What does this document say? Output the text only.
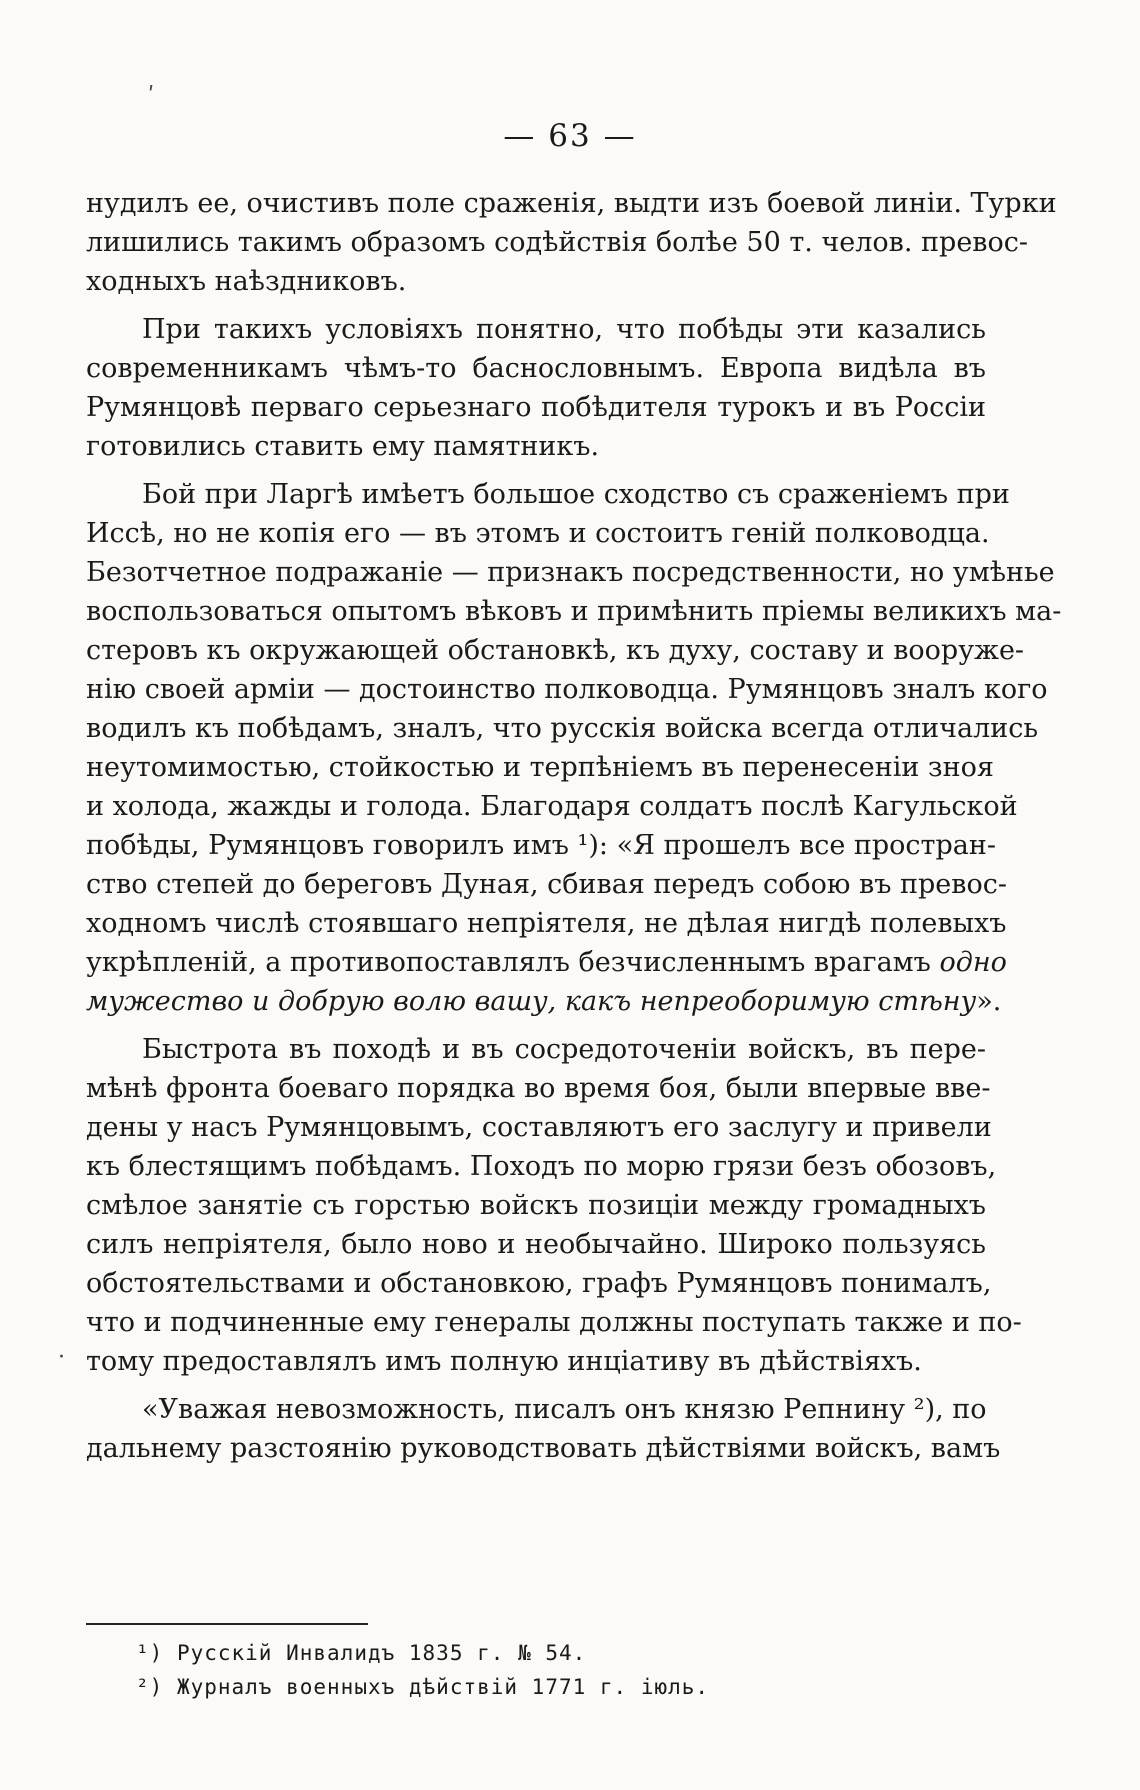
ʹ
— 63 —
нудилъ ее, очистивъ поле сраженія, выдти изъ боевой линіи. Турки
лишились такимъ образомъ содѣйствія болѣе 50 т. челов. превос-
ходныхъ наѣздниковъ.
При такихъ условіяхъ понятно, что побѣды эти казались
современникамъ чѣмъ-то баснословнымъ. Европа видѣла въ
Румянцовѣ перваго серьезнаго побѣдителя турокъ и въ Россіи
готовились ставить ему памятникъ.
Бой при Ларгѣ имѣетъ большое сходство съ сраженіемъ при
Иссѣ, но не копія его — въ этомъ и состоитъ геній полководца.
Безотчетное подражаніе — признакъ посредственности, но умѣнье
воспользоваться опытомъ вѣковъ и примѣнить пріемы великихъ ма-
стеровъ къ окружающей обстановкѣ, къ духу, составу и вооруже-
нію своей арміи — достоинство полководца. Румянцовъ зналъ кого
водилъ къ побѣдамъ, зналъ, что русскія войска всегда отличались
неутомимостью, стойкостью и терпѣніемъ въ перенесеніи зноя
и холода, жажды и голода. Благодаря солдатъ послѣ Кагульской
побѣды, Румянцовъ говорилъ имъ ¹): «Я прошелъ все простран-
ство степей до береговъ Дуная, сбивая передъ собою въ превос-
ходномъ числѣ стоявшаго непріятеля, не дѣлая нигдѣ полевыхъ
укрѣпленій, а противопоставлялъ безчисленнымъ врагамъ одно
мужество и добрую волю вашу, какъ непреоборимую стѣну».
Быстрота въ походѣ и въ сосредоточеніи войскъ, въ пере-
мѣнѣ фронта боеваго порядка во время боя, были впервые вве-
дены у насъ Румянцовымъ, составляютъ его заслугу и привели
къ блестящимъ побѣдамъ. Походъ по морю грязи безъ обозовъ,
смѣлое занятіе съ горстью войскъ позиціи между громадныхъ
силъ непріятеля, было ново и необычайно. Широко пользуясь
обстоятельствами и обстановкою, графъ Румянцовъ понималъ,
что и подчиненные ему генералы должны поступать также и по-
тому предоставлялъ имъ полную инціативу въ дѣйствіяхъ.
«Уважая невозможность, писалъ онъ князю Репнину ²), по
дальнему разстоянію руководствовать дѣйствіями войскъ, вамъ
·
¹) Русскій Инвалидъ 1835 г. № 54.
²) Журналъ военныхъ дѣйствій 1771 г. іюль.
